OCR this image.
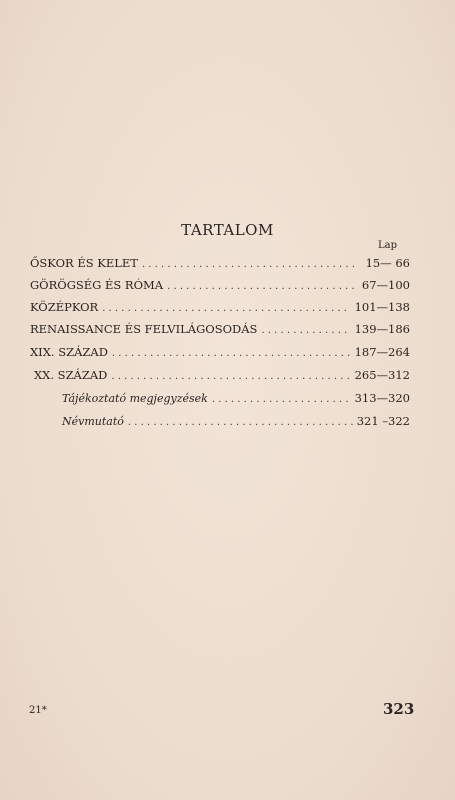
TARTALOM
Lap
ŐSKOR ÉS KELET . . .	15— 66
GÖRÖGSÉG ÉS RÓMA . . .	67—100
KÖZÉPKOR . . .	101—138
RENAISSANCE ÉS FELVILÁGOSODÁS . . .	139—186
XIX. SZÁZAD . . .	187—264
XX. SZÁZAD . . .	265—312
Tájékoztató megjegyzések . . .	313—320
Névmutató . . .	321 –322
21*	323
